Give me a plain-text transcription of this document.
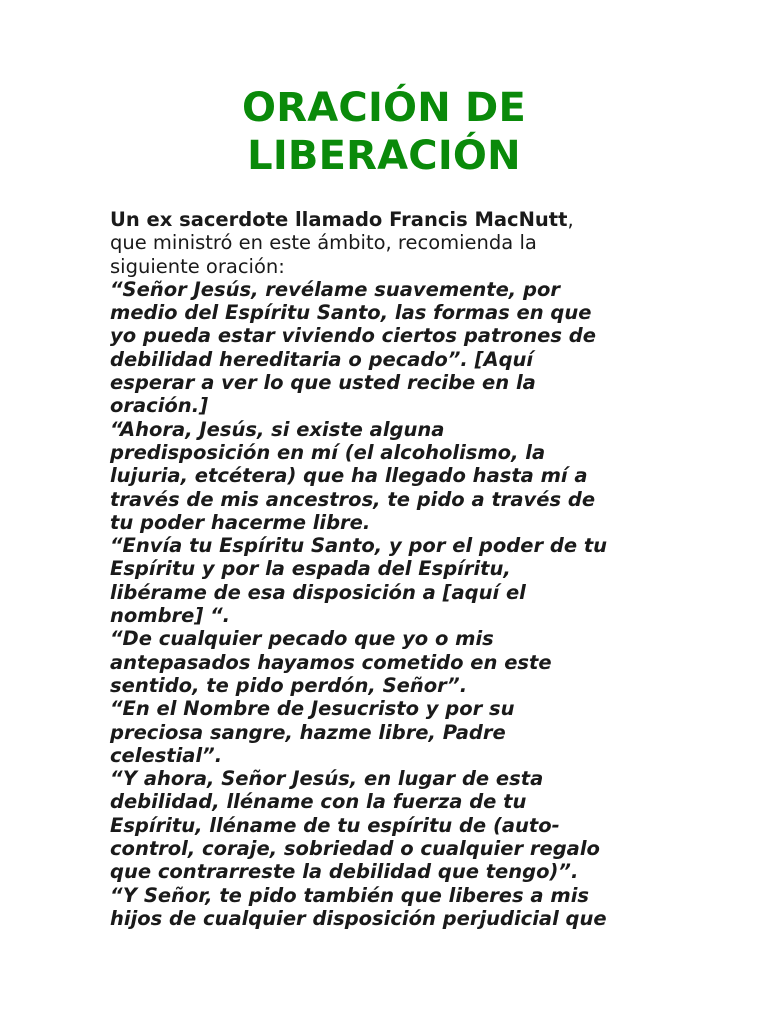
ORACIÓN DE
LIBERACIÓN
Un ex sacerdote llamado Francis MacNutt,
que ministró en este ámbito, recomienda la
siguiente oración:
“Señor Jesús, revélame suavemente, por
medio del Espíritu Santo, las formas en que
yo pueda estar viviendo ciertos patrones de
debilidad hereditaria o pecado”. [Aquí
esperar a ver lo que usted recibe en la
oración.]
“Ahora, Jesús, si existe alguna
predisposición en mí (el alcoholismo, la
lujuria, etcétera) que ha llegado hasta mí a
través de mis ancestros, te pido a través de
tu poder hacerme libre.
“Envía tu Espíritu Santo, y por el poder de tu
Espíritu y por la espada del Espíritu,
libérame de esa disposición a [aquí el
nombre] “.
“De cualquier pecado que yo o mis
antepasados hayamos cometido en este
sentido, te pido perdón, Señor”.
“En el Nombre de Jesucristo y por su
preciosa sangre, hazme libre, Padre
celestial”.
“Y ahora, Señor Jesús, en lugar de esta
debilidad, lléname con la fuerza de tu
Espíritu, lléname de tu espíritu de (auto-
control, coraje, sobriedad o cualquier regalo
que contrarreste la debilidad que tengo)”.
“Y Señor, te pido también que liberes a mis
hijos de cualquier disposición perjudicial que
